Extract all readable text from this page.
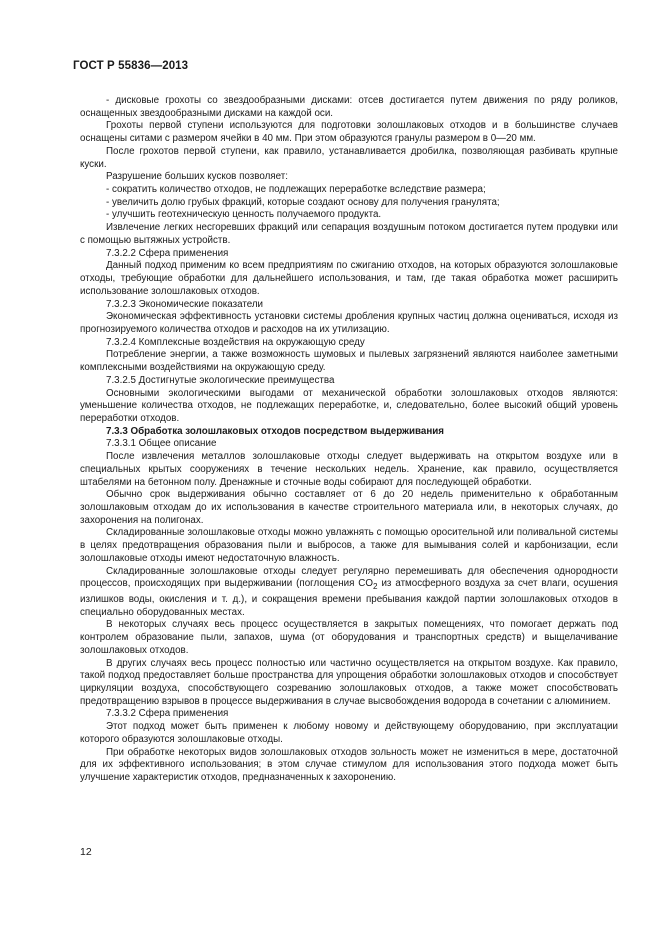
ГОСТ Р 55836—2013

- дисковые грохоты со звездообразными дисками: отсев достигается путем движения по ряду роликов, оснащенных звездообразными дисками на каждой оси.

Грохоты первой ступени используются для подготовки золошлаковых отходов и в большинстве случаев оснащены ситами с размером ячейки в 40 мм. При этом образуются гранулы размером в 0—20 мм.

После грохотов первой ступени, как правило, устанавливается дробилка, позволяющая разбивать крупные куски.

Разрушение больших кусков позволяет:

- сократить количество отходов, не подлежащих переработке вследствие размера;

- увеличить долю грубых фракций, которые создают основу для получения гранулята;

- улучшить геотехническую ценность получаемого продукта.

Извлечение легких несгоревших фракций или сепарация воздушным потоком достигается путем продувки или с помощью вытяжных устройств.

7.3.2.2 Сфера применения

Данный подход применим ко всем предприятиям по сжиганию отходов, на которых образуются золошлаковые отходы, требующие обработки для дальнейшего использования, и там, где такая обработка может расширить использование золошлаковых отходов.

7.3.2.3 Экономические показатели

Экономическая эффективность установки системы дробления крупных частиц должна оцениваться, исходя из прогнозируемого количества отходов и расходов на их утилизацию.

7.3.2.4 Комплексные воздействия на окружающую среду

Потребление энергии, а также возможность шумовых и пылевых загрязнений являются наиболее заметными комплексными воздействиями на окружающую среду.

7.3.2.5 Достигнутые экологические преимущества

Основными экологическими выгодами от механической обработки золошлаковых отходов являются: уменьшение количества отходов, не подлежащих переработке, и, следовательно, более высокий общий уровень переработки отходов.

7.3.3 Обработка золошлаковых отходов посредством выдерживания

7.3.3.1 Общее описание

После извлечения металлов золошлаковые отходы следует выдерживать на открытом воздухе или в специальных крытых сооружениях в течение нескольких недель. Хранение, как правило, осуществляется штабелями на бетонном полу. Дренажные и сточные воды собирают для последующей обработки.

Обычно срок выдерживания обычно составляет от 6 до 20 недель применительно к обработанным золошлаковым отходам до их использования в качестве строительного материала или, в некоторых случаях, до захоронения на полигонах.

Складированные золошлаковые отходы можно увлажнять с помощью оросительной или поливальной системы в целях предотвращения образования пыли и выбросов, а также для вымывания солей и карбонизации, если золошлаковые отходы имеют недостаточную влажность.

Складированные золошлаковые отходы следует регулярно перемешивать для обеспечения однородности процессов, происходящих при выдерживании (поглощения $CO_2$ из атмосферного воздуха за счет влаги, осушения излишков воды, окисления и т. д.), и сокращения времени пребывания каждой партии золошлаковых отходов в специально оборудованных местах.

В некоторых случаях весь процесс осуществляется в закрытых помещениях, что помогает держать под контролем образование пыли, запахов, шума (от оборудования и транспортных средств) и выщелачивание золошлаковых отходов.

В других случаях весь процесс полностью или частично осуществляется на открытом воздухе. Как правило, такой подход предоставляет больше пространства для упрощения обработки золошлаковых отходов и способствует циркуляции воздуха, способствующего созреванию золошлаковых отходов, а также может способствовать предотвращению взрывов в процессе выдерживания в случае высвобождения водорода в сочетании с алюминием.

7.3.3.2 Сфера применения

Этот подход может быть применен к любому новому и действующему оборудованию, при эксплуатации которого образуются золошлаковые отходы.

При обработке некоторых видов золошлаковых отходов зольность может не измениться в мере, достаточной для их эффективного использования; в этом случае стимулом для использования этого подхода может быть улучшение характеристик отходов, предназначенных к захоронению.

12
